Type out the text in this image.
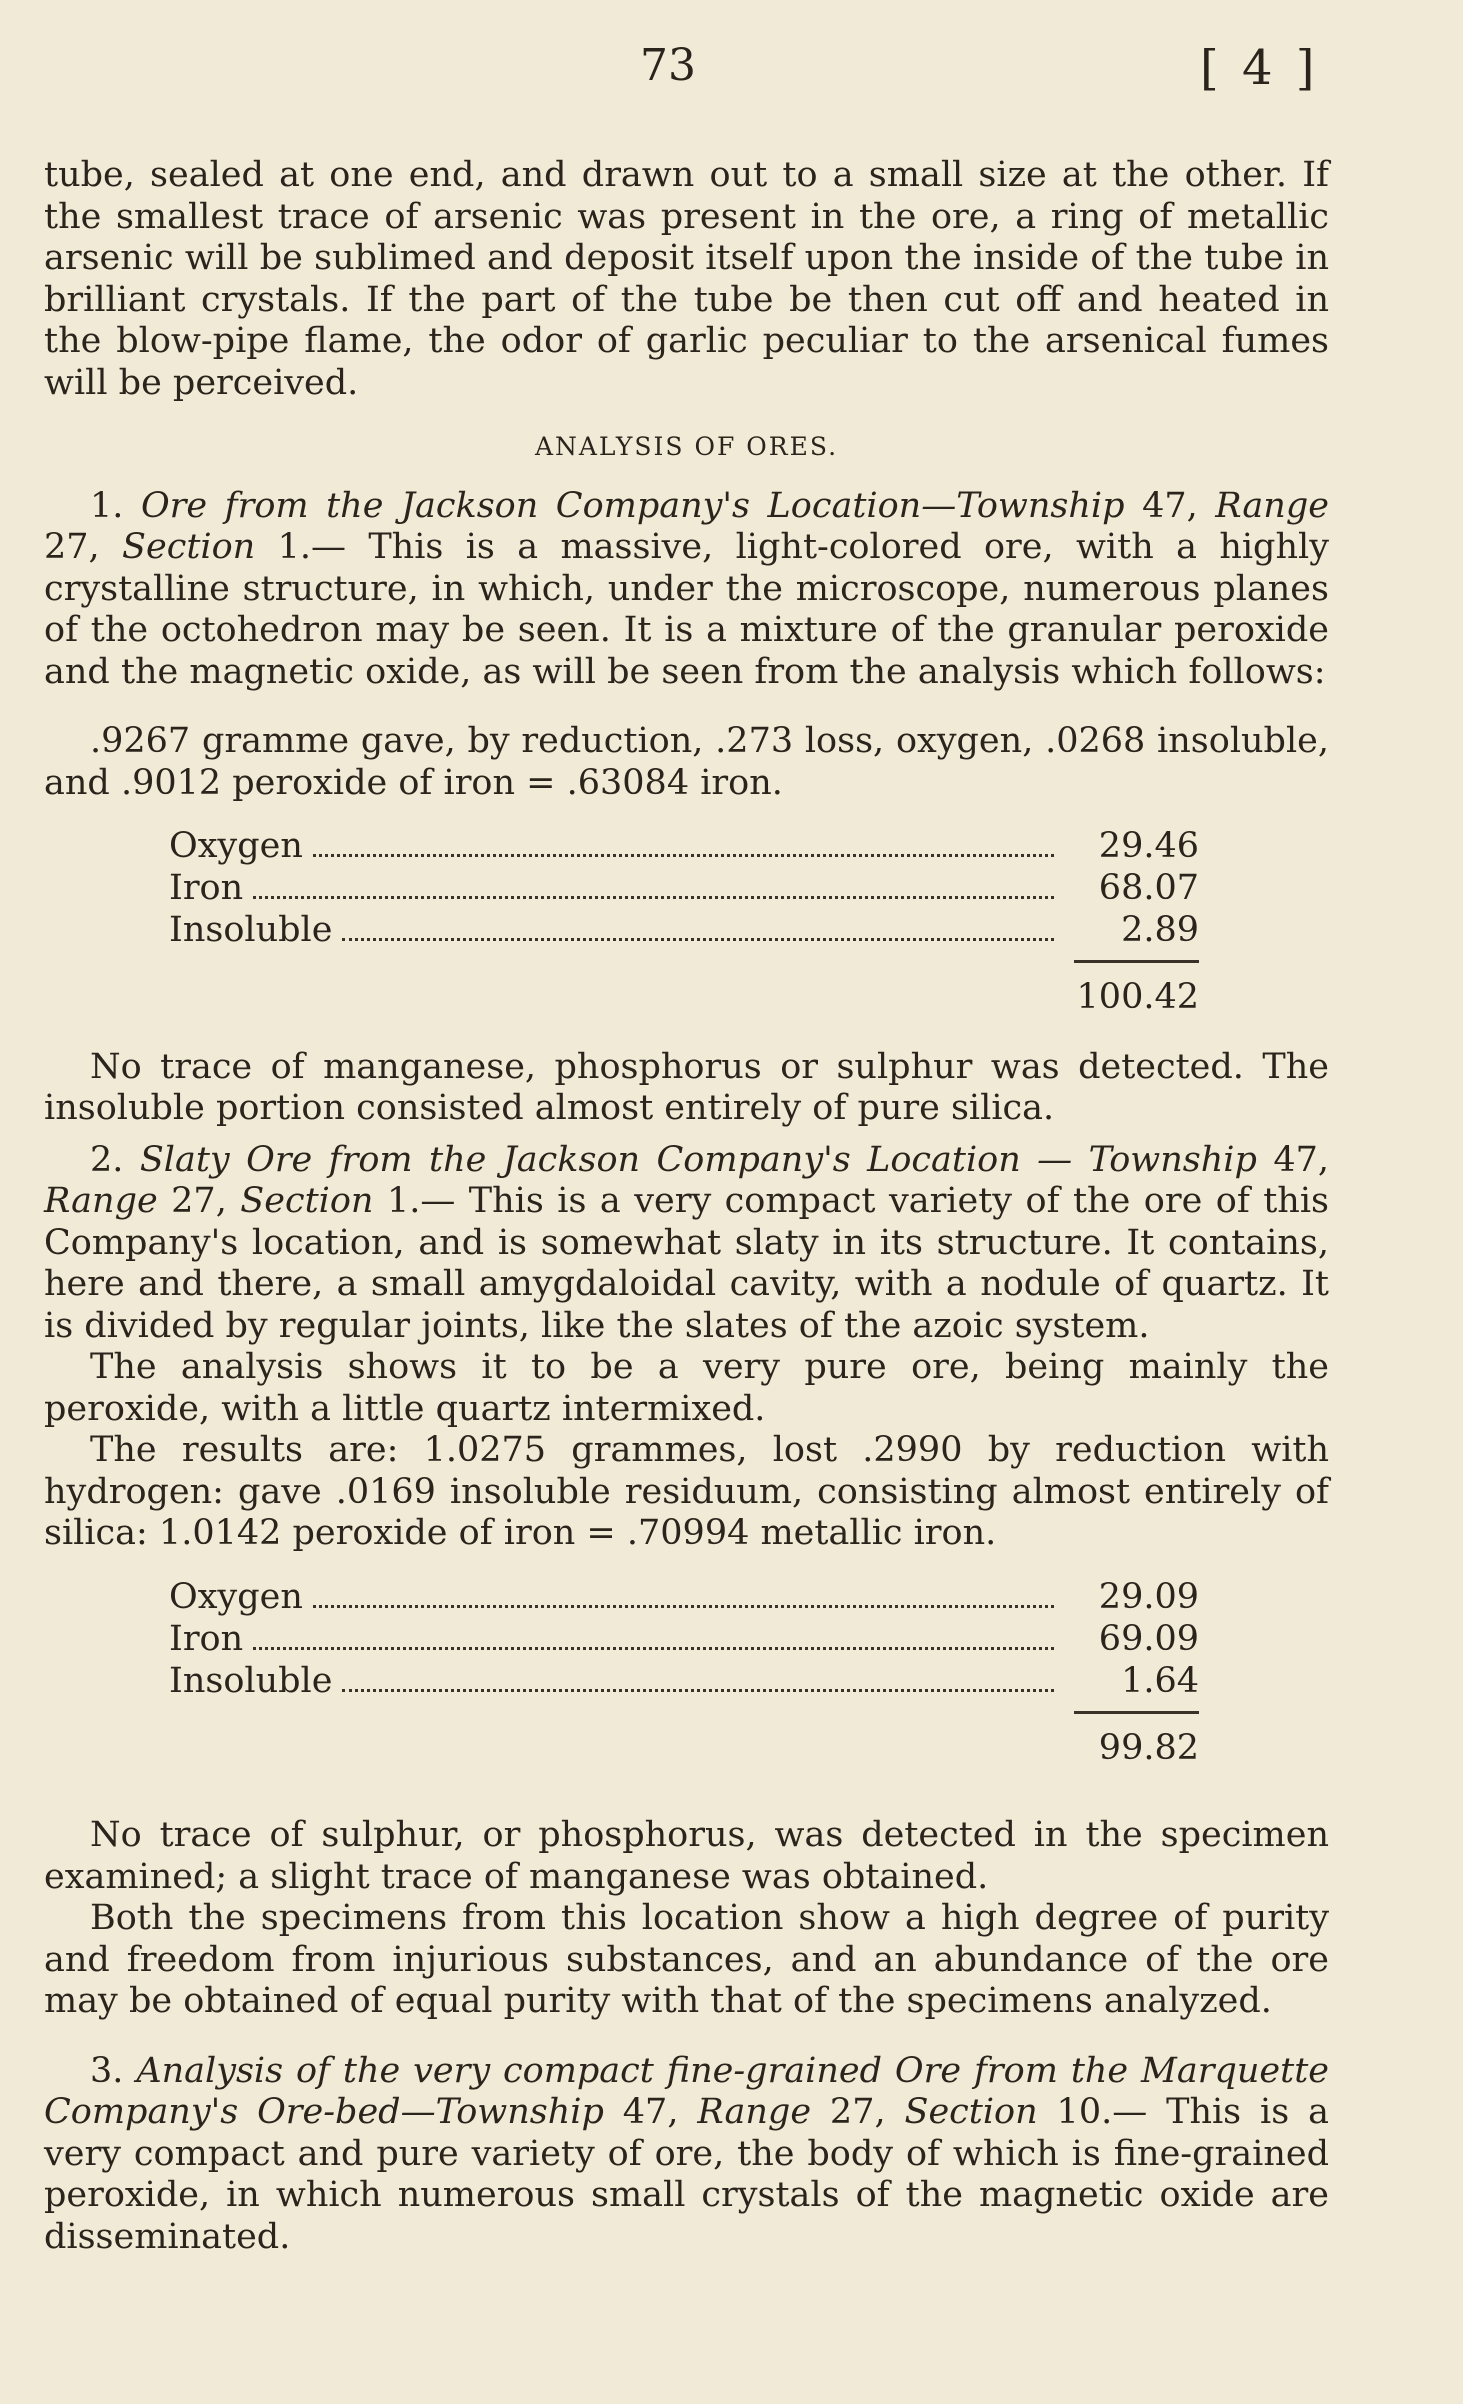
73	[ 4 ]

tube, sealed at one end, and drawn out to a small size at the other. If the smallest trace of arsenic was present in the ore, a ring of metallic arsenic will be sublimed and deposit itself upon the inside of the tube in brilliant crystals. If the part of the tube be then cut off and heated in the blow-pipe flame, the odor of garlic peculiar to the arsenical fumes will be perceived.

ANALYSIS OF ORES.

1. Ore from the Jackson Company's Location—Township 47, Range 27, Section 1.— This is a massive, light-colored ore, with a highly crystalline structure, in which, under the microscope, numerous planes of the octohedron may be seen. It is a mixture of the granular peroxide and the magnetic oxide, as will be seen from the analysis which follows:

.9267 gramme gave, by reduction, .273 loss, oxygen, .0268 insoluble, and .9012 peroxide of iron = .63084 iron.

Oxygen	29.46
Iron	68.07
Insoluble	2.89
100.42

No trace of manganese, phosphorus or sulphur was detected. The insoluble portion consisted almost entirely of pure silica.

2. Slaty Ore from the Jackson Company's Location — Township 47, Range 27, Section 1.— This is a very compact variety of the ore of this Company's location, and is somewhat slaty in its structure. It contains, here and there, a small amygdaloidal cavity, with a nodule of quartz. It is divided by regular joints, like the slates of the azoic system.

The analysis shows it to be a very pure ore, being mainly the peroxide, with a little quartz intermixed.

The results are: 1.0275 grammes, lost .2990 by reduction with hydrogen: gave .0169 insoluble residuum, consisting almost entirely of silica: 1.0142 peroxide of iron = .70994 metallic iron.

Oxygen	29.09
Iron	69.09
Insoluble	1.64
99.82

No trace of sulphur, or phosphorus, was detected in the specimen examined; a slight trace of manganese was obtained.

Both the specimens from this location show a high degree of purity and freedom from injurious substances, and an abundance of the ore may be obtained of equal purity with that of the specimens analyzed.

3. Analysis of the very compact fine-grained Ore from the Marquette Company's Ore-bed—Township 47, Range 27, Section 10.— This is a very compact and pure variety of ore, the body of which is fine-grained peroxide, in which numerous small crystals of the magnetic oxide are disseminated.
